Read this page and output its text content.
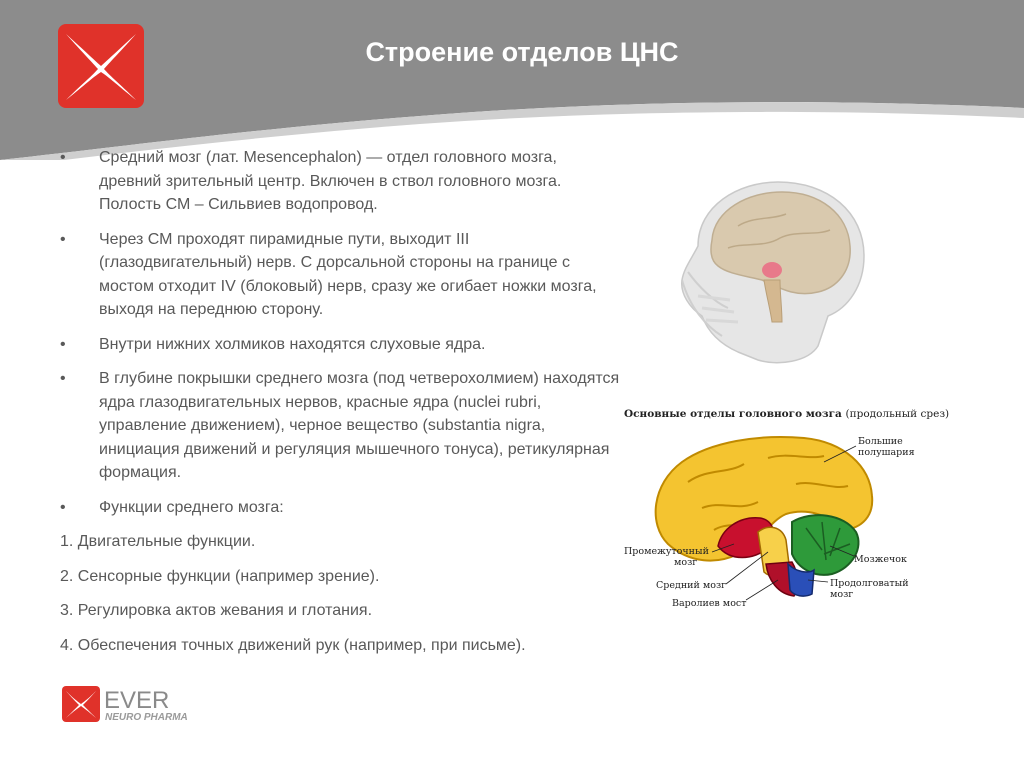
Строение отделов ЦНС
• Средний мозг (лат. Mesencephalon) — отдел головного мозга, древний зрительный центр. Включен в ствол головного мозга. Полость СМ – Сильвиев водопровод.
• Через СМ проходят пирамидные пути, выходит III (глазодвигательный) нерв. С дорсальной стороны на границе с мостом отходит IV (блоковый) нерв, сразу же огибает ножки мозга, выходя на переднюю сторону.
• Внутри нижних холмиков находятся слуховые ядра.
• В глубине покрышки среднего мозга (под четверохолмием) находятся ядра глазодвигательных нервов, красные ядра (nuclei rubri, управление движением), черное вещество (substantia nigra, инициация движений и регуляция мышечного тонуса), ретикулярная формация.
• Функции среднего мозга:
1. Двигательные функции.
2. Сенсорные функции (например зрение).
3. Регулировка актов жевания и глотания.
4. Обеспечения точных движений рук (например, при письме).
Основные отделы головного мозга (продольный срез)
Большие
полушария
Промежуточный
мозг	Мозжечок
Средний мозг	Продолговатый
мозг
Варолиев мост
EVER
NEURO PHARMA
